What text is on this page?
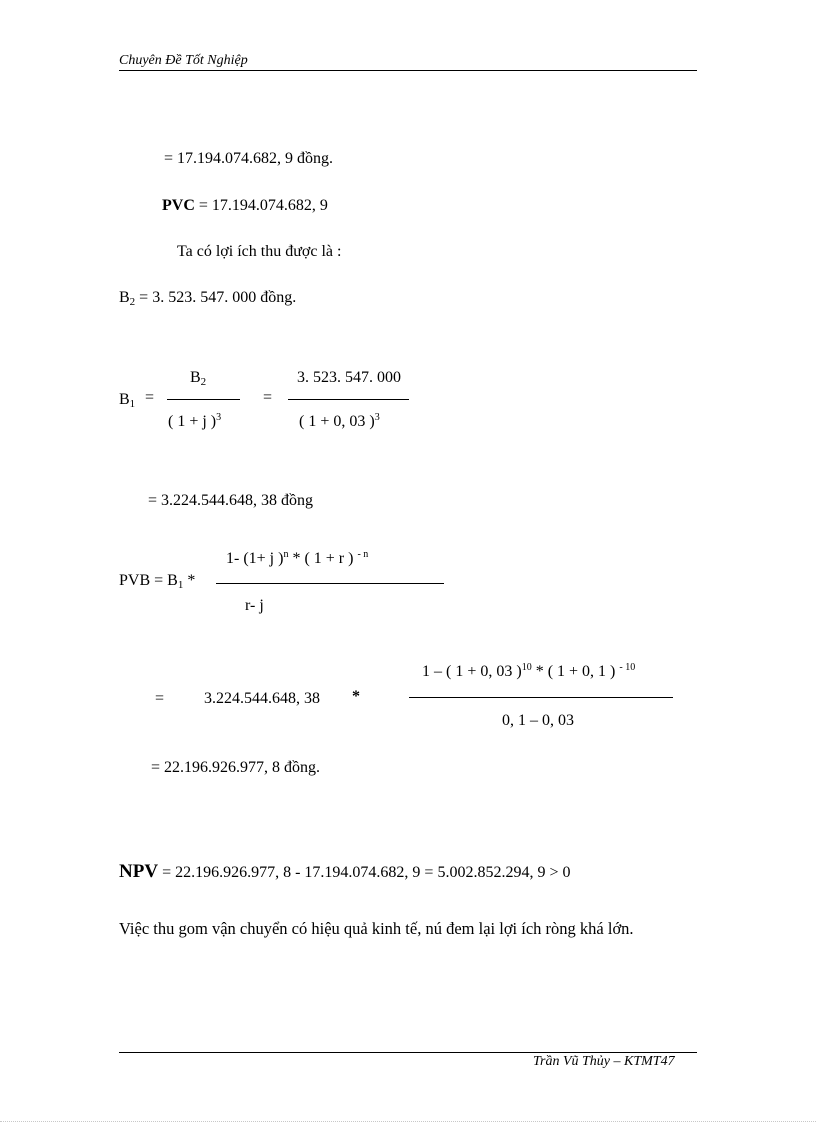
Chuyên Đề Tốt Nghiệp
= 17.194.074.682, 9 đồng.
PVC = 17.194.074.682, 9
Ta có lợi ích thu được là :
$B_2 = 3$. 523. 547. 000 đồng.
$B_1$ =
$B_2$
( 1 + j )$^3$
=
3. 523. 547. 000
( 1 + 0, 03 )$^3$
= 3.224.544.648, 38 đồng
PVB = $B_1$ *
1- (1+ j )$^n$ * ( 1 + r ) $^{- n}$
r- j
= 3.224.544.648, 38 *
1 – ( 1 + 0, 03 )$^{10}$ * ( 1 + 0, 1 ) $^{- 10}$
0, 1 – 0, 03
= 22.196.926.977, 8 đồng.
NPV = 22.196.926.977, 8 - 17.194.074.682, 9 = 5.002.852.294, 9 > 0
Việc thu gom vận chuyển có hiệu quả kinh tế, nú đem lại lợi ích ròng khá lớn.
Trần Vũ Thủy – KTMT47
